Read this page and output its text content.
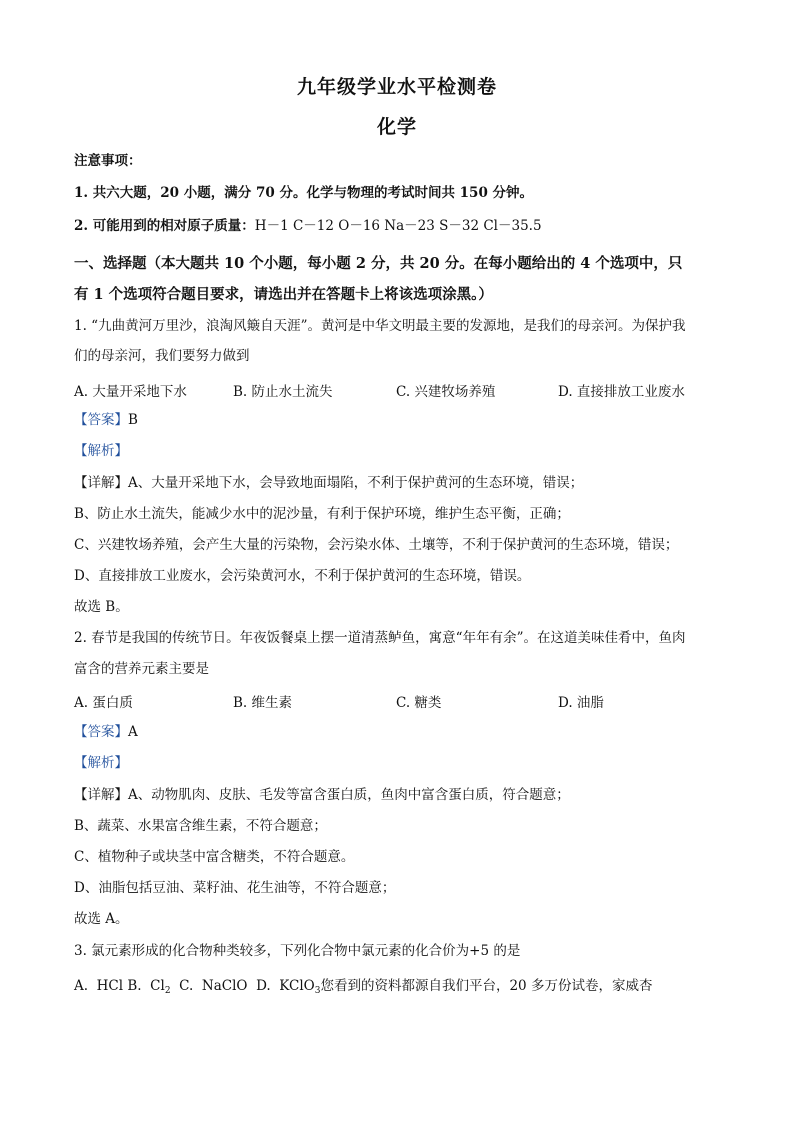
九年级学业水平检测卷
化学
注意事项：
1. 共六大题，20 小题，满分 70 分。化学与物理的考试时间共 150 分钟。
2. 可能用到的相对原子质量：H－1 C－12 O－16 Na－23 S－32 Cl－35.5
一、选择题（本大题共 10 个小题，每小题 2 分，共 20 分。在每小题给出的 4 个选项中，只
有 1 个选项符合题目要求，请选出并在答题卡上将该选项涂黑。）
1. “九曲黄河万里沙，浪淘风簸自天涯”。黄河是中华文明最主要的发源地，是我们的母亲河。为保护我
们的母亲河，我们要努力做到
A. 大量开采地下水	B. 防止水土流失	C. 兴建牧场养殖	D. 直接排放工业废水
【答案】B
【解析】
【详解】A、大量开采地下水，会导致地面塌陷，不利于保护黄河的生态环境，错误；
B、防止水土流失，能减少水中的泥沙量，有利于保护环境，维护生态平衡，正确；
C、兴建牧场养殖，会产生大量的污染物，会污染水体、土壤等，不利于保护黄河的生态环境，错误；
D、直接排放工业废水，会污染黄河水，不利于保护黄河的生态环境，错误。
故选 B。
2. 春节是我国的传统节日。年夜饭餐桌上摆一道清蒸鲈鱼，寓意“年年有余”。在这道美味佳肴中，鱼肉
富含的营养元素主要是
A. 蛋白质	B. 维生素	C. 糖类	D. 油脂
【答案】A
【解析】
【详解】A、动物肌肉、皮肤、毛发等富含蛋白质，鱼肉中富含蛋白质，符合题意；
B、蔬菜、水果富含维生素，不符合题意；
C、植物种子或块茎中富含糖类，不符合题意。
D、油脂包括豆油、菜籽油、花生油等，不符合题意；
故选 A。
3. 氯元素形成的化合物种类较多，下列化合物中氯元素的化合价为+5 的是
A. HCl B. $Cl_2$ C. NaClO D. KClO$_3$您看到的资料都源自我们平台，20 多万份试卷，家威杏
